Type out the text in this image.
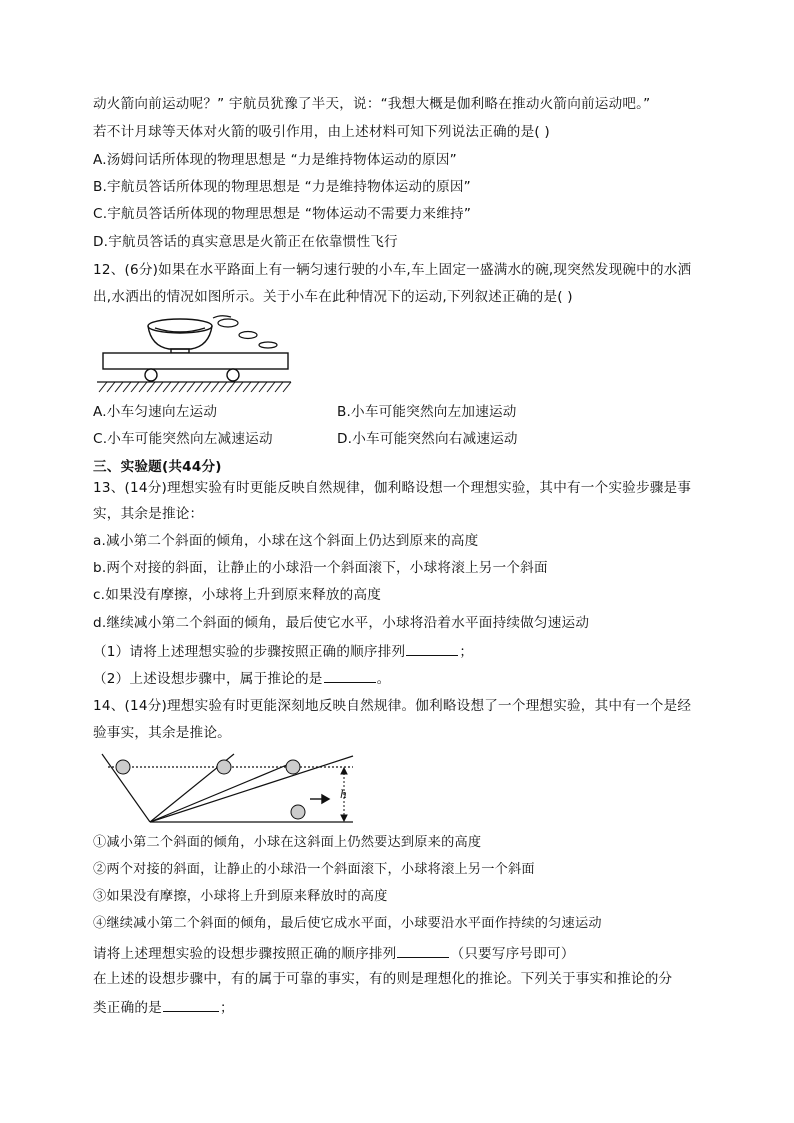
动火箭向前运动呢？” 宇航员犹豫了半天，说：“我想大概是伽利略在推动火箭向前运动吧。”
若不计月球等天体对火箭的吸引作用，由上述材料可知下列说法正确的是( )
A.汤姆问话所体现的物理思想是 “力是维持物体运动的原因”
B.宇航员答话所体现的物理思想是 “力是维持物体运动的原因”
C.宇航员答话所体现的物理思想是 “物体运动不需要力来维持”
D.宇航员答话的真实意思是火箭正在依靠惯性飞行
12、(6分)如果在水平路面上有一辆匀速行驶的小车,车上固定一盛满水的碗,现突然发现碗中的水洒
出,水洒出的情况如图所示。关于小车在此种情况下的运动,下列叙述正确的是( )
A.小车匀速向左运动	B.小车可能突然向左加速运动
C.小车可能突然向左减速运动	D.小车可能突然向右减速运动
三、实验题(共44分)
13、(14分)理想实验有时更能反映自然规律，伽利略设想一个理想实验，其中有一个实验步骤是事
实，其余是推论：
a.减小第二个斜面的倾角，小球在这个斜面上仍达到原来的高度
b.两个对接的斜面，让静止的小球沿一个斜面滚下，小球将滚上另一个斜面
c.如果没有摩擦，小球将上升到原来释放的高度
d.继续减小第二个斜面的倾角，最后使它水平，小球将沿着水平面持续做匀速运动
（1）请将上述理想实验的步骤按照正确的顺序排列	；
（2）上述设想步骤中，属于推论的是	。
14、(14分)理想实验有时更能深刻地反映自然规律。伽利略设想了一个理想实验，其中有一个是经
验事实，其余是推论。
h
①减小第二个斜面的倾角，小球在这斜面上仍然要达到原来的高度
②两个对接的斜面，让静止的小球沿一个斜面滚下，小球将滚上另一个斜面
③如果没有摩擦，小球将上升到原来释放时的高度
④继续减小第二个斜面的倾角，最后使它成水平面，小球要沿水平面作持续的匀速运动
请将上述理想实验的设想步骤按照正确的顺序排列	（只要写序号即可）
在上述的设想步骤中，有的属于可靠的事实，有的则是理想化的推论。下列关于事实和推论的分
类正确的是	；
